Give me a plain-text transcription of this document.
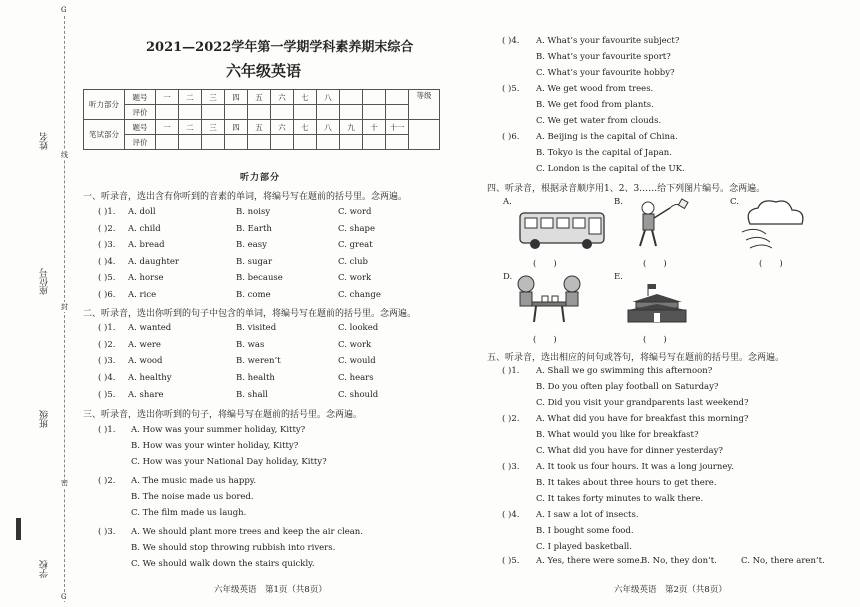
G
线
封
密
G
姓名
座位号
班级
学校
2021—2022学年第一学期学科素养期末综合
六年级英语
听力部分	题号	一	二	三	四	五	六	七	八				等级
	评价												
笔试部分	题号	一	二	三	四	五	六	七	八	九	十	十一	
	评价												
听力部分
一、听录音，选出含有你听到的音素的单词，将编号写在题前的括号里。念两遍。
( )1. A. doll	B. noisy	C. word
( )2. A. child	B. Earth	C. shape
( )3. A. bread	B. easy	C. great
( )4. A. daughter	B. sugar	C. club
( )5. A. horse	B. because	C. work
( )6. A. rice	B. come	C. change
二、听录音，选出你听到的句子中包含的单词，将编号写在题前的括号里。念两遍。
( )1. A. wanted	B. visited	C. looked
( )2. A. were	B. was	C. work
( )3. A. wood	B. weren’t	C. would
( )4. A. healthy	B. health	C. hears
( )5. A. share	B. shall	C. should
三、听录音，选出你听到的句子，将编号写在题前的括号里。念两遍。
( )1. A. How was your summer holiday, Kitty?
B. How was your winter holiday, Kitty?
C. How was your National Day holiday, Kitty?
( )2. A. The music made us happy.
B. The noise made us bored.
C. The film made us laugh.
( )3. A. We should plant more trees and keep the air clean.
B. We should stop throwing rubbish into rivers.
C. We should walk down the stairs quickly.
六年级英语　第1页（共8页）
( )4. A. What’s your favourite subject?
B. What’s your favourite sport?
C. What’s your favourite hobby?
( )5. A. We get wood from trees.
B. We get food from plants.
C. We get water from clouds.
( )6. A. Beijing is the capital of China.
B. Tokyo is the capital of Japan.
C. London is the capital of the UK.
四、听录音，根据录音顺序用1、2、3……给下列图片编号。念两遍。
A.
(　　)
B.
(　　)
C.
(　　)
D.
(　　)
E.
(　　)
五、听录音，选出相应的问句或答句，将编号写在题前的括号里。念两遍。
( )1. A. Shall we go swimming this afternoon?
B. Do you often play football on Saturday?
C. Did you visit your grandparents last weekend?
( )2. A. What did you have for breakfast this morning?
B. What would you like for breakfast?
C. What did you have for dinner yesterday?
( )3. A. It took us four hours. It was a long journey.
B. It takes about three hours to get there.
C. It takes forty minutes to walk there.
( )4. A. I saw a lot of insects.
B. I bought some food.
C. I played basketball.
( )5. A. Yes, there were some.
B. No, they don’t.	C. No, there aren’t.
六年级英语　第2页（共8页）
